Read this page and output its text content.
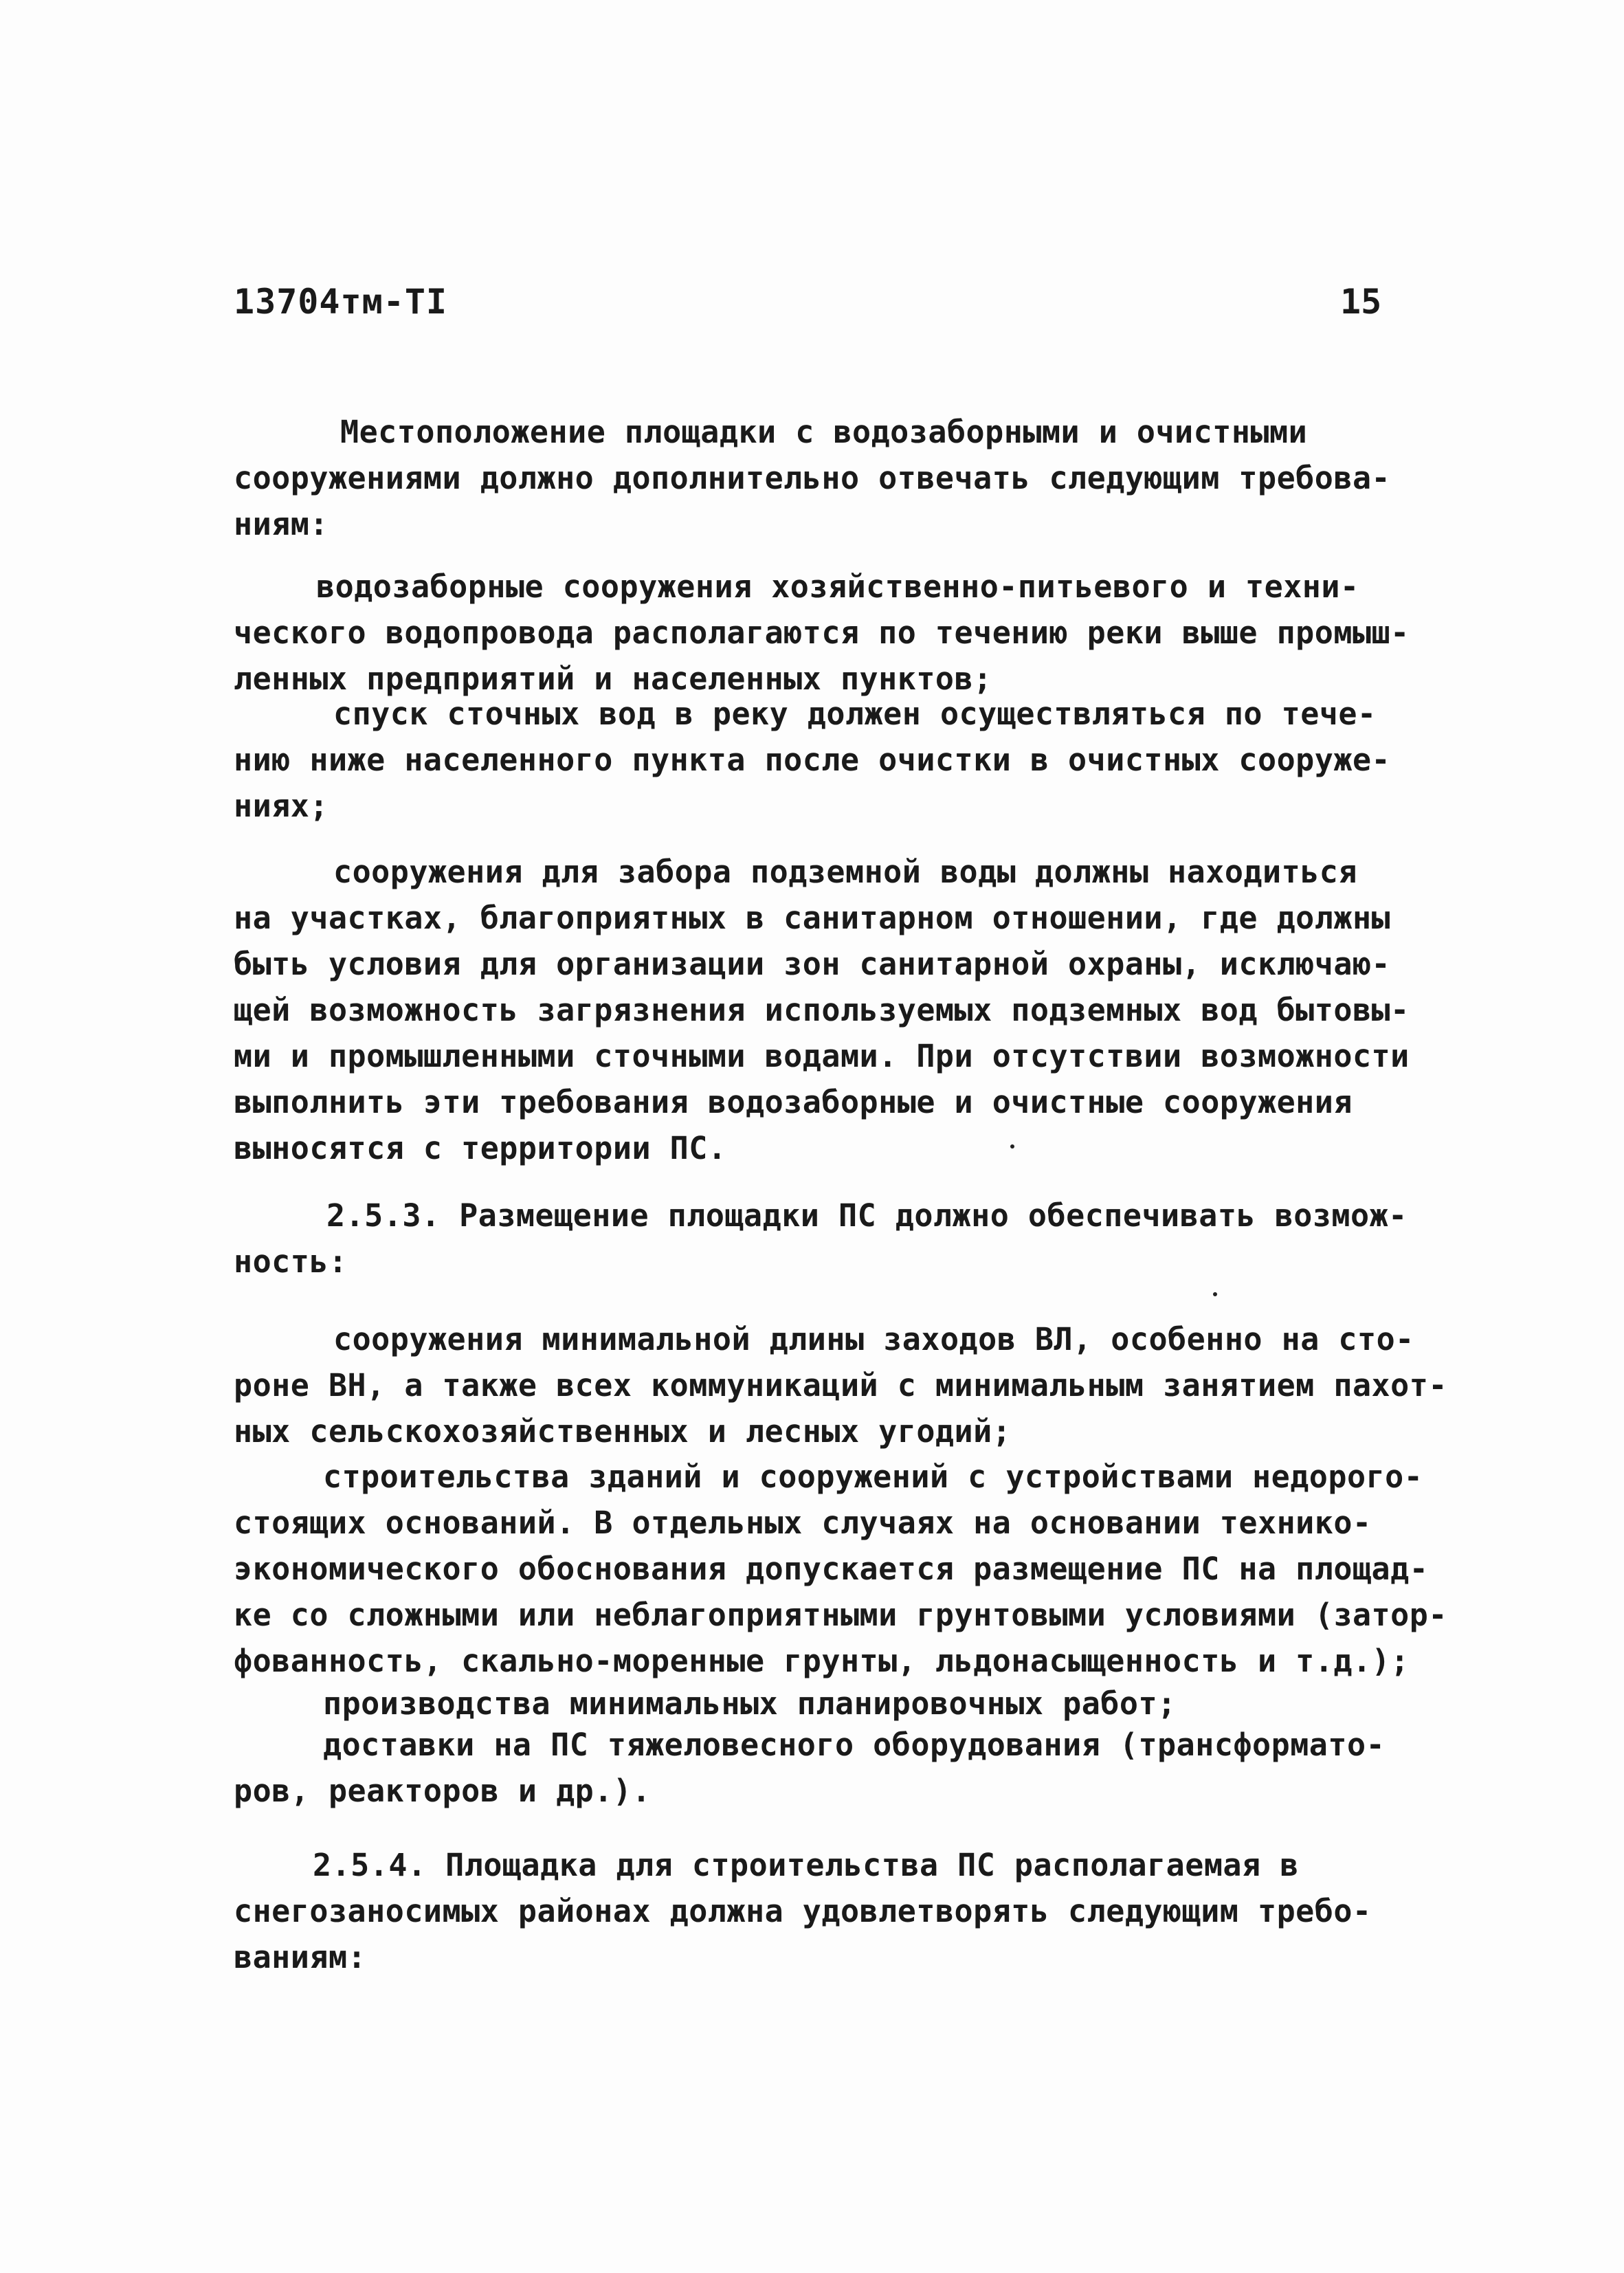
13704тм-ТI	15
Местоположение площадки с водозаборными и очистными
сооружениями должно дополнительно отвечать следующим требова-
ниям:
водозаборные сооружения хозяйственно-питьевого и техни-
ческого водопровода располагаются по течению реки выше промыш-
ленных предприятий и населенных пунктов;
спуск сточных вод в реку должен осуществляться по тече-
нию ниже населенного пункта после очистки в очистных сооруже-
ниях;
сооружения для забора подземной воды должны находиться
на участках, благоприятных в санитарном отношении, где должны
быть условия для организации зон санитарной охраны, исключаю-
щей возможность загрязнения используемых подземных вод бытовы-
ми и промышленными сточными водами. При отсутствии возможности
выполнить эти требования водозаборные и очистные сооружения
выносятся с территории ПС.
2.5.3. Размещение площадки ПС должно обеспечивать возмож-
ность:
сооружения минимальной длины заходов ВЛ, особенно на сто-
роне ВН, а также всех коммуникаций с минимальным занятием пахот-
ных сельскохозяйственных и лесных угодий;
строительства зданий и сооружений с устройствами недорого-
стоящих оснований. В отдельных случаях на основании технико-
экономического обоснования допускается размещение ПС на площад-
ке со сложными или неблагоприятными грунтовыми условиями (затор-
фованность, скально-моренные грунты, льдонасыщенность и т.д.);
производства минимальных планировочных работ;
доставки на ПС тяжеловесного оборудования (трансформато-
ров, реакторов и др.).
2.5.4. Площадка для строительства ПС располагаемая в
снегозаносимых районах должна удовлетворять следующим требо-
ваниям:
